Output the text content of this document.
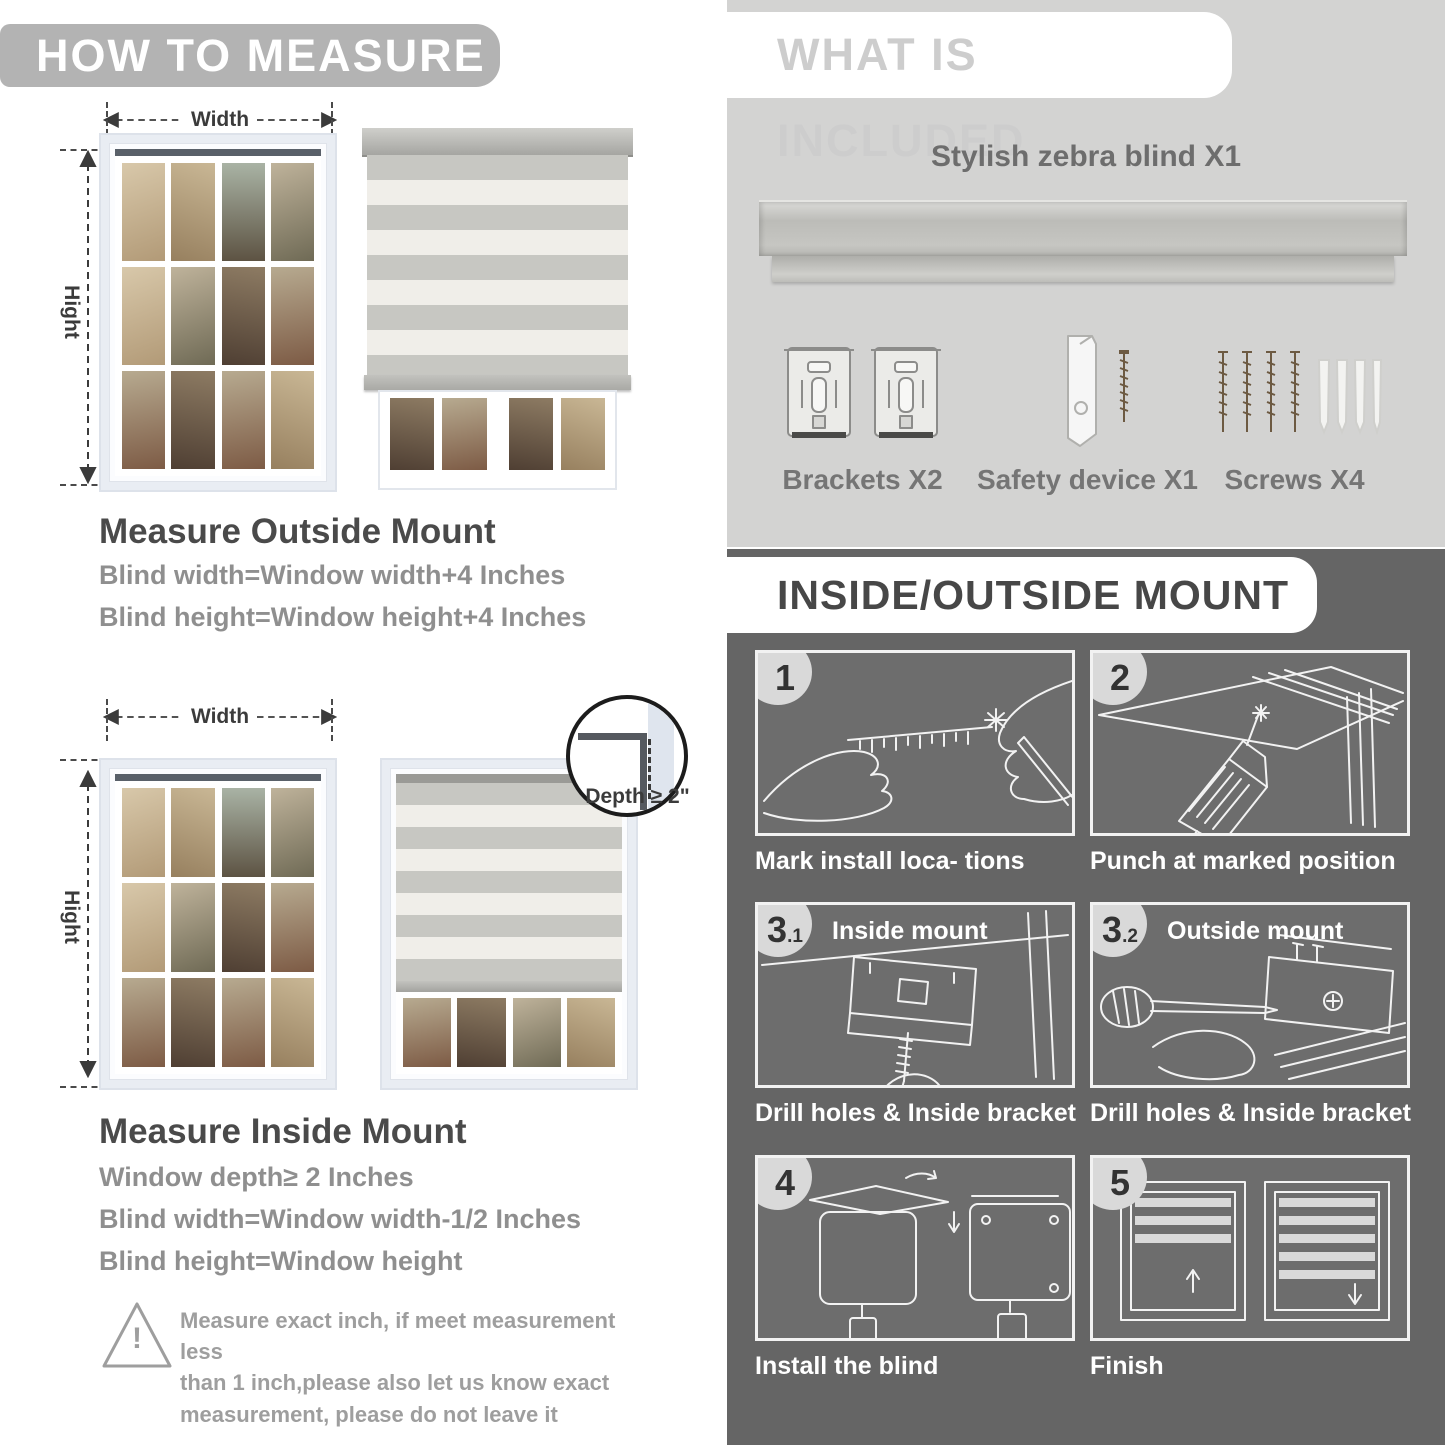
HOW TO MEASURE
Width
Hight
Measure Outside Mount
Blind width=Window width+4 Inches
Blind height=Window height+4 Inches
Width
Hight
Depth ≥ 2"
Measure Inside Mount
Window depth≥ 2 Inches
Blind width=Window width-1/2 Inches
Blind height=Window height
!
Measure exact inch, if meet measurement less
than 1 inch,please also let us know exact
measurement, please do not leave it
WHAT IS INCLUDED
Stylish zebra blind X1
Brackets X2 Safety device X1 Screws X4
INSIDE/OUTSIDE MOUNT
1
Mark install loca- tions
2
Punch at marked position
3 .1 Inside mount
Drill holes & Inside bracket
3 .2 Outside mount
Drill holes & Inside bracket
4
Install the blind
5
Finish
